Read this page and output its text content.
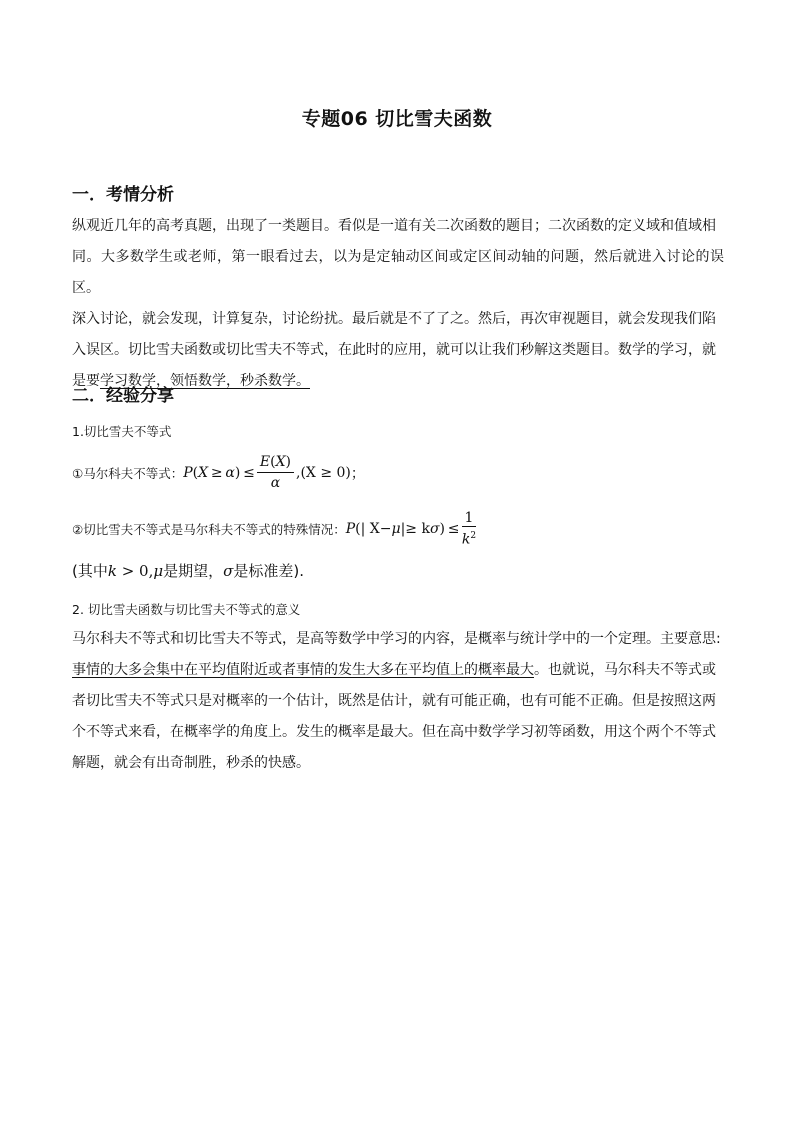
专题06 切比雪夫函数
一．考情分析

纵观近几年的高考真题，出现了一类题目。看似是一道有关二次函数的题目；二次函数的定义域和值域相

同。大多数学生或老师，第一眼看过去，以为是定轴动区间或定区间动轴的问题，然后就进入讨论的误区。

深入讨论，就会发现，计算复杂，讨论纷扰。最后就是不了了之。然后，再次审视题目，就会发现我们陷

入误区。切比雪夫函数或切比雪夫不等式，在此时的应用，就可以让我们秒解这类题目。数学的学习，就

是要学习数学，领悟数学，秒杀数学。

二．经验分享
1.切比雪夫不等式
①马尔科夫不等式： P ( X  ≥  α ) ≤ $\frac{E(X)}{\alpha} ,(X \ge 0)$ ；
②切比雪夫不等式是马尔科夫不等式的特殊情况： P (| X− μ |≥ k σ ) ≤ $\frac{1}{k^2}$
(其中k > 0,μ是期望，σ是标准差).
2. 切比雪夫函数与切比雪夫不等式的意义

马尔科夫不等式和切比雪夫不等式，是高等数学中学习的内容，是概率与统计学中的一个定理。主要意思:

事情的大多会集中在平均值附近或者事情的发生大多在平均值上的概率最大。也就说，马尔科夫不等式或

者切比雪夫不等式只是对概率的一个估计，既然是估计，就有可能正确，也有可能不正确。但是按照这两

个不等式来看，在概率学的角度上。发生的概率是最大。但在高中数学学习初等函数，用这个两个不等式

解题，就会有出奇制胜，秒杀的快感。
